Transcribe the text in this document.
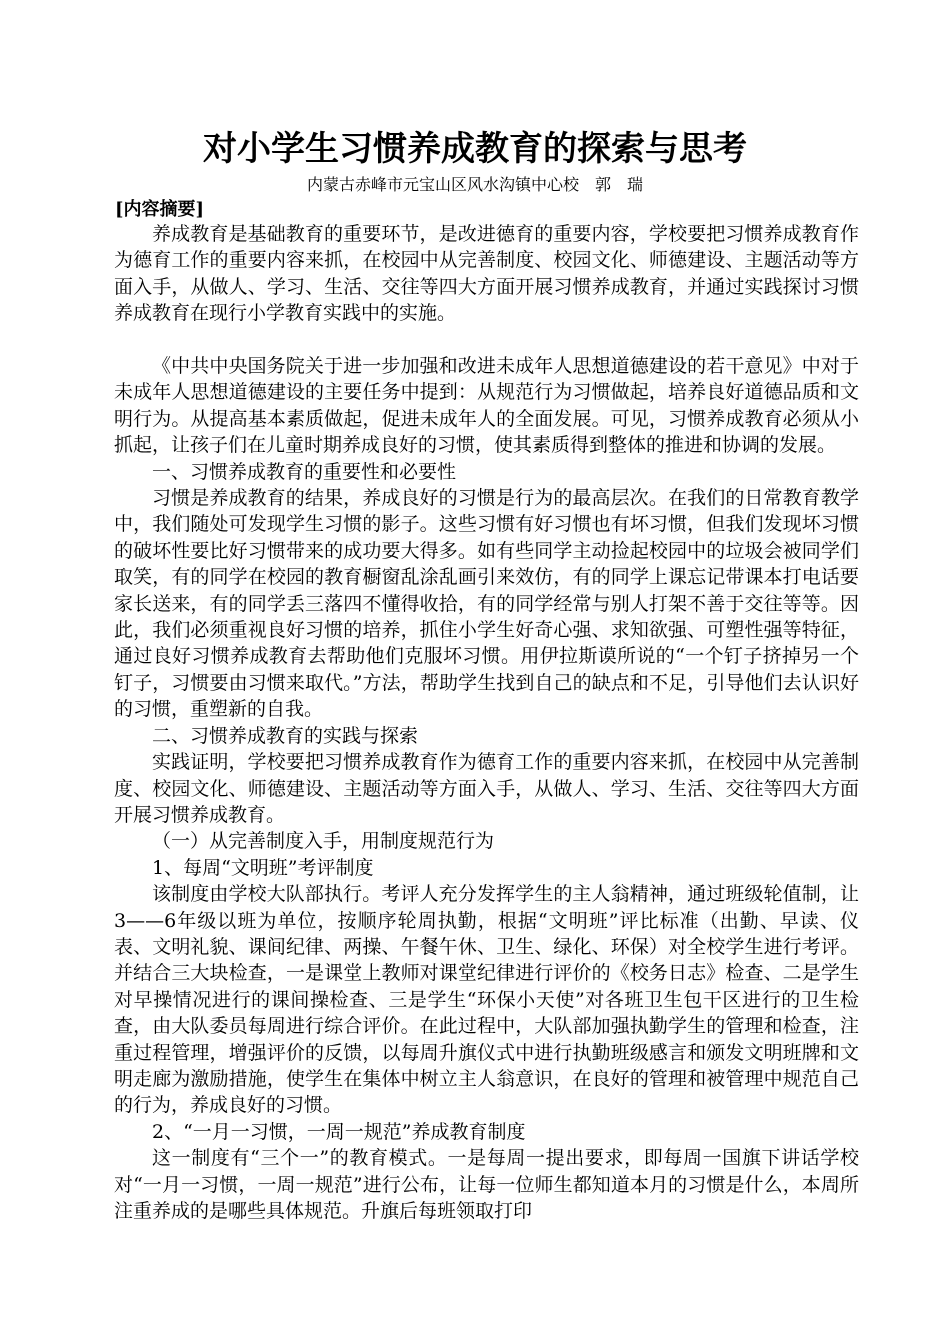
对小学生习惯养成教育的探索与思考
内蒙古赤峰市元宝山区风水沟镇中心校　郭　瑞
[内容摘要]

养成教育是基础教育的重要环节，是改进德育的重要内容，学校要把习惯养成教育作为德育工作的重要内容来抓，在校园中从完善制度、校园文化、师德建设、主题活动等方面入手，从做人、学习、生活、交往等四大方面开展习惯养成教育，并通过实践探讨习惯养成教育在现行小学教育实践中的实施。

《中共中央国务院关于进一步加强和改进未成年人思想道德建设的若干意见》中对于未成年人思想道德建设的主要任务中提到：从规范行为习惯做起，培养良好道德品质和文明行为。从提高基本素质做起，促进未成年人的全面发展。可见，习惯养成教育必须从小抓起，让孩子们在儿童时期养成良好的习惯，使其素质得到整体的推进和协调的发展。

一、习惯养成教育的重要性和必要性

习惯是养成教育的结果，养成良好的习惯是行为的最高层次。在我们的日常教育教学中，我们随处可发现学生习惯的影子。这些习惯有好习惯也有坏习惯，但我们发现坏习惯的破坏性要比好习惯带来的成功要大得多。如有些同学主动捡起校园中的垃圾会被同学们取笑，有的同学在校园的教育橱窗乱涂乱画引来效仿，有的同学上课忘记带课本打电话要家长送来，有的同学丢三落四不懂得收拾，有的同学经常与别人打架不善于交往等等。因此，我们必须重视良好习惯的培养，抓住小学生好奇心强、求知欲强、可塑性强等特征，通过良好习惯养成教育去帮助他们克服坏习惯。用伊拉斯谟所说的“一个钉子挤掉另一个钉子，习惯要由习惯来取代。”方法，帮助学生找到自己的缺点和不足，引导他们去认识好的习惯，重塑新的自我。

二、习惯养成教育的实践与探索

实践证明，学校要把习惯养成教育作为德育工作的重要内容来抓，在校园中从完善制度、校园文化、师德建设、主题活动等方面入手，从做人、学习、生活、交往等四大方面开展习惯养成教育。

（一）从完善制度入手，用制度规范行为

1、每周“文明班”考评制度

该制度由学校大队部执行。考评人充分发挥学生的主人翁精神，通过班级轮值制，让3——6年级以班为单位，按顺序轮周执勤，根据“文明班”评比标准（出勤、早读、仪表、文明礼貌、课间纪律、两操、午餐午休、卫生、绿化、环保）对全校学生进行考评。并结合三大块检查，一是课堂上教师对课堂纪律进行评价的《校务日志》检查、二是学生对早操情况进行的课间操检查、三是学生“环保小天使”对各班卫生包干区进行的卫生检查，由大队委员每周进行综合评价。在此过程中，大队部加强执勤学生的管理和检查，注重过程管理，增强评价的反馈，以每周升旗仪式中进行执勤班级感言和颁发文明班牌和文明走廊为激励措施，使学生在集体中树立主人翁意识，在良好的管理和被管理中规范自己的行为，养成良好的习惯。

2、“一月一习惯，一周一规范”养成教育制度

这一制度有“三个一”的教育模式。一是每周一提出要求，即每周一国旗下讲话学校对“一月一习惯，一周一规范”进行公布，让每一位师生都知道本月的习惯是什么，本周所注重养成的是哪些具体规范。升旗后每班领取打印
